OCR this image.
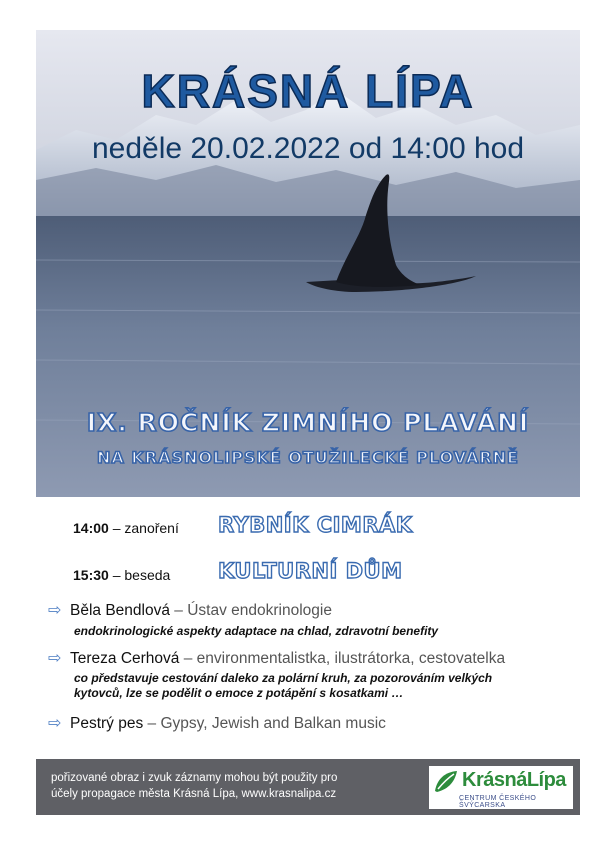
KRÁSNÁ LÍPA
neděle 20.02.2022 od 14:00 hod
IX. ROČNÍK ZIMNÍHO PLAVÁNÍ
NA KRÁSNOLIPSKÉ OTUŽILECKÉ PLOVÁRNĚ
14:00 – zanoření RYBNÍK CIMRÁK
15:30 – beseda KULTURNÍ DŮM
⇨ Běla Bendlová – Ústav endokrinologie
endokrinologické aspekty adaptace na chlad, zdravotní benefity
⇨ Tereza Cerhová – environmentalistka, ilustrátorka, cestovatelka
co představuje cestování daleko za polární kruh, za pozorováním velkých
kytovců, lze se podělit o emoce z potápění s kosatkami …
⇨ Pestrý pes – Gypsy, Jewish and Balkan music
pořizované obraz i zvuk záznamy mohou být použity pro
účely propagace města Krásná Lípa, www.krasnalipa.cz
KrásnáLípa
CENTRUM ČESKÉHO ŠVÝCARSKA
